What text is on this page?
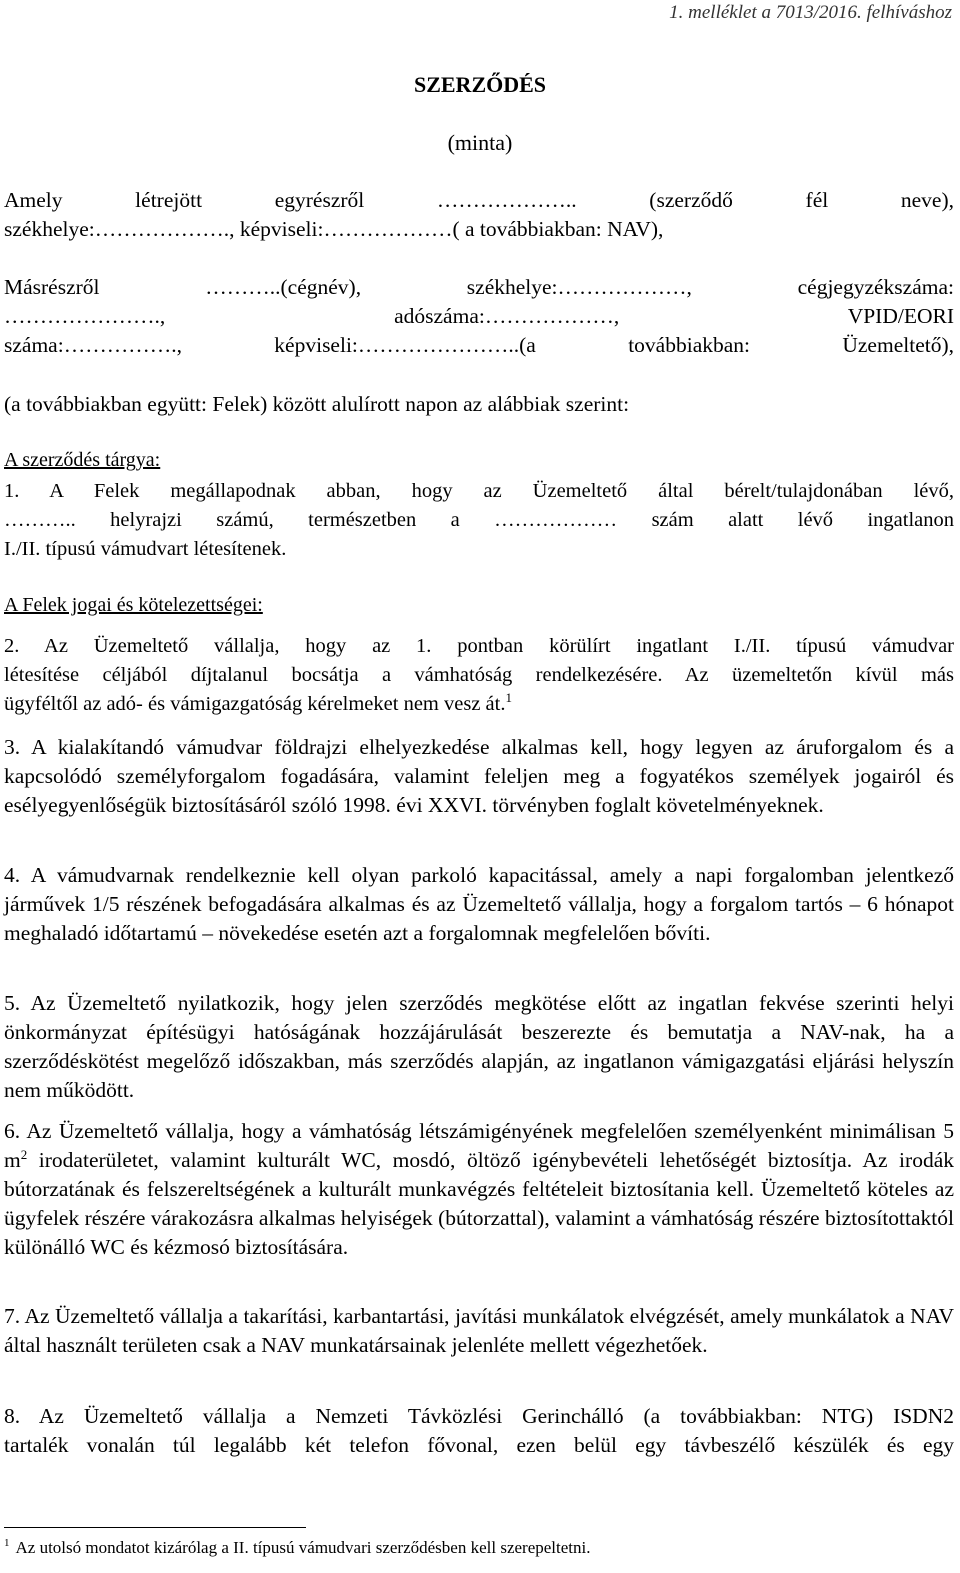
1. melléklet a 7013/2016. felhíváshoz
SZERZŐDÉS
(minta)
Amely létrejött egyrészről ……………….. (szerződő fél neve),
székhelye:………………., képviseli:………………( a továbbiakban: NAV),
Másrészről ………..(cégnév), székhelye:………………, cégjegyzékszáma:
…………………., adószáma:………………, VPID/EORI
száma:……………., képviseli:…………………..(a továbbiakban: Üzemeltető),
(a továbbiakban együtt: Felek) között alulírott napon az alábbiak szerint:
A szerződés tárgya:
1. A Felek megállapodnak abban, hogy az Üzemeltető által bérelt/tulajdonában lévő,
……….. helyrajzi számú, természetben a ……………… szám alatt lévő ingatlanon
I./II. típusú vámudvart létesítenek.
A Felek jogai és kötelezettségei:
2. Az Üzemeltető vállalja, hogy az 1. pontban körülírt ingatlant I./II. típusú vámudvar
létesítése céljából díjtalanul bocsátja a vámhatóság rendelkezésére. Az üzemeltetőn kívül más
ügyféltől az adó- és vámigazgatóság kérelmeket nem vesz át.$^1$
3. A kialakítandó vámudvar földrajzi elhelyezkedése alkalmas kell, hogy legyen az áruforgalom és a kapcsolódó személyforgalom fogadására, valamint feleljen meg a fogyatékos személyek jogairól és esélyegyenlőségük biztosításáról szóló 1998. évi XXVI. törvényben foglalt követelményeknek.
4. A vámudvarnak rendelkeznie kell olyan parkoló kapacitással, amely a napi forgalomban jelentkező járművek 1/5 részének befogadására alkalmas és az Üzemeltető vállalja, hogy a forgalom tartós – 6 hónapot meghaladó időtartamú – növekedése esetén azt a forgalomnak megfelelően bővíti.
5. Az Üzemeltető nyilatkozik, hogy jelen szerződés megkötése előtt az ingatlan fekvése szerinti helyi önkormányzat építésügyi hatóságának hozzájárulását beszerezte és bemutatja a NAV-nak, ha a szerződéskötést megelőző időszakban, más szerződés alapján, az ingatlanon vámigazgatási eljárási helyszín nem működött.
6. Az Üzemeltető vállalja, hogy a vámhatóság létszámigényének megfelelően személyenként minimálisan 5 $m^2$ irodaterületet, valamint kulturált WC, mosdó, öltöző igénybevételi lehetőségét biztosítja. Az irodák bútorzatának és felszereltségének a kulturált munkavégzés feltételeit biztosítania kell. Üzemeltető köteles az ügyfelek részére várakozásra alkalmas helyiségek (bútorzattal), valamint a vámhatóság részére biztosítottaktól különálló WC és kézmosó biztosítására.
7. Az Üzemeltető vállalja a takarítási, karbantartási, javítási munkálatok elvégzését, amely munkálatok a NAV által használt területen csak a NAV munkatársainak jelenléte mellett végezhetőek.
8. Az Üzemeltető vállalja a Nemzeti Távközlési Gerinchálló (a továbbiakban: NTG) ISDN2
tartalék vonalán túl legalább két telefon fővonal, ezen belül egy távbeszélő készülék és egy
$^1$ Az utolsó mondatot kizárólag a II. típusú vámudvari szerződésben kell szerepeltetni.
